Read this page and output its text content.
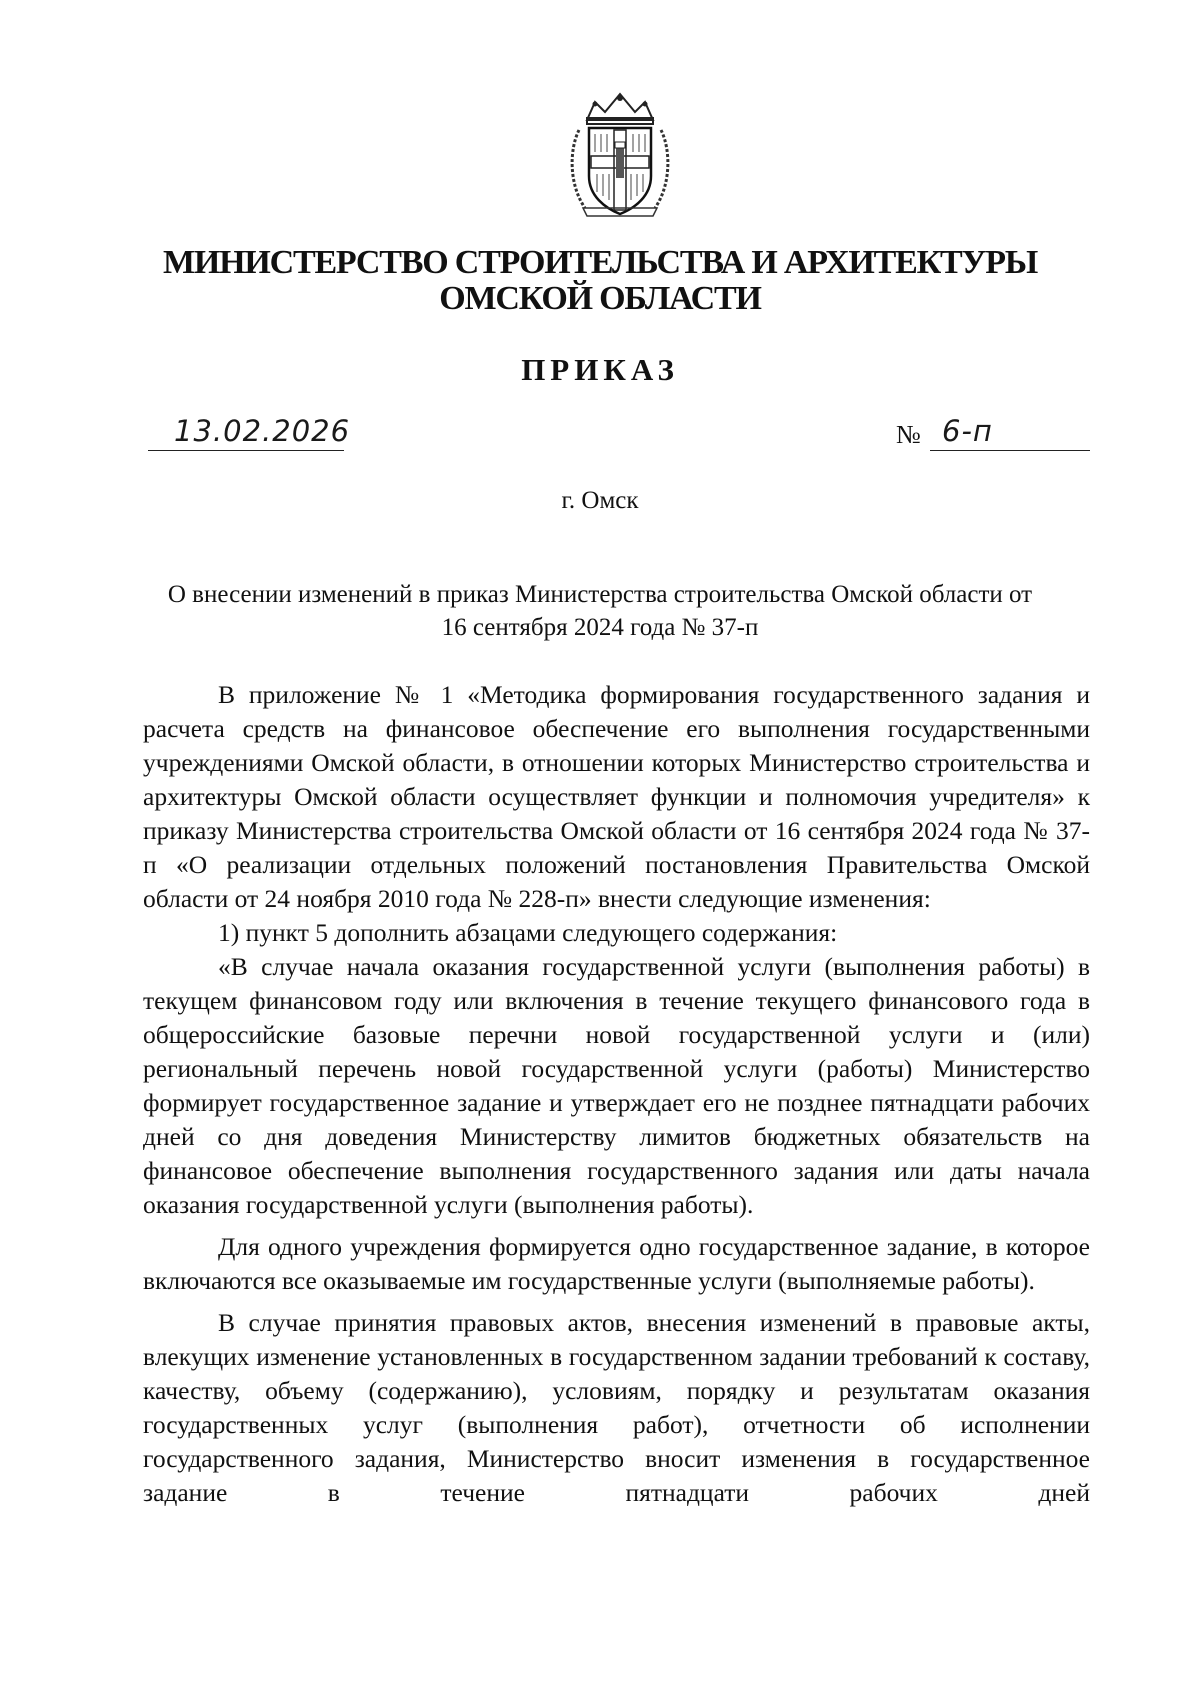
МИНИСТЕРСТВО СТРОИТЕЛЬСТВА И АРХИТЕКТУРЫ
ОМСКОЙ ОБЛАСТИ
ПРИКАЗ
13.02.2026	№ 6-п
г. Омск
О внесении изменений в приказ Министерства строительства Омской области от 16 сентября 2024 года № 37-п

В приложение № 1 «Методика формирования государственного задания и расчета средств на финансовое обеспечение его выполнения государственными учреждениями Омской области, в отношении которых Министерство строительства и архитектуры Омской области осуществляет функции и полномочия учредителя» к приказу Министерства строительства Омской области от 16 сентября 2024 года № 37-п «О реализации отдельных положений постановления Правительства Омской области от 24 ноября 2010 года № 228-п» внести следующие изменения:

1) пункт 5 дополнить абзацами следующего содержания:

«В случае начала оказания государственной услуги (выполнения работы) в текущем финансовом году или включения в течение текущего финансового года в общероссийские базовые перечни новой государственной услуги и (или) региональный перечень новой государственной услуги (работы) Министерство формирует государственное задание и утверждает его не позднее пятнадцати рабочих дней со дня доведения Министерству лимитов бюджетных обязательств на финансовое обеспечение выполнения государственного задания или даты начала оказания государственной услуги (выполнения работы).

Для одного учреждения формируется одно государственное задание, в которое включаются все оказываемые им государственные услуги (выполняемые работы).

В случае принятия правовых актов, внесения изменений в правовые акты, влекущих изменение установленных в государственном задании требований к составу, качеству, объему (содержанию), условиям, порядку и результатам оказания государственных услуг (выполнения работ), отчетности об исполнении государственного задания, Министерство вносит изменения в государственное задание в течение пятнадцати рабочих дней
